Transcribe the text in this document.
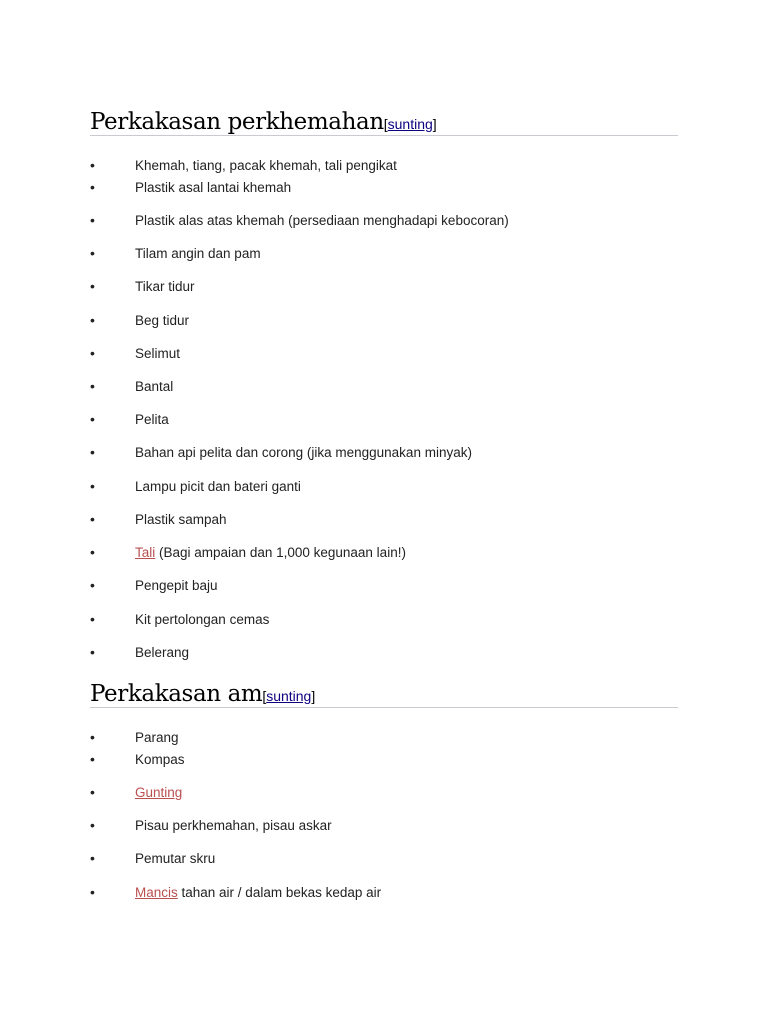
Perkakasan perkhemahan[sunting]
•	Khemah, tiang, pacak khemah, tali pengikat
•	Plastik asal lantai khemah
•	Plastik alas atas khemah (persediaan menghadapi kebocoran)
•	Tilam angin dan pam
•	Tikar tidur
•	Beg tidur
•	Selimut
•	Bantal
•	Pelita
•	Bahan api pelita dan corong (jika menggunakan minyak)
•	Lampu picit dan bateri ganti
•	Plastik sampah
•	Tali (Bagi ampaian dan 1,000 kegunaan lain!)
•	Pengepit baju
•	Kit pertolongan cemas
•	Belerang
Perkakasan am[sunting]
•	Parang
•	Kompas
•	Gunting
•	Pisau perkhemahan, pisau askar
•	Pemutar skru
•	Mancis tahan air / dalam bekas kedap air
